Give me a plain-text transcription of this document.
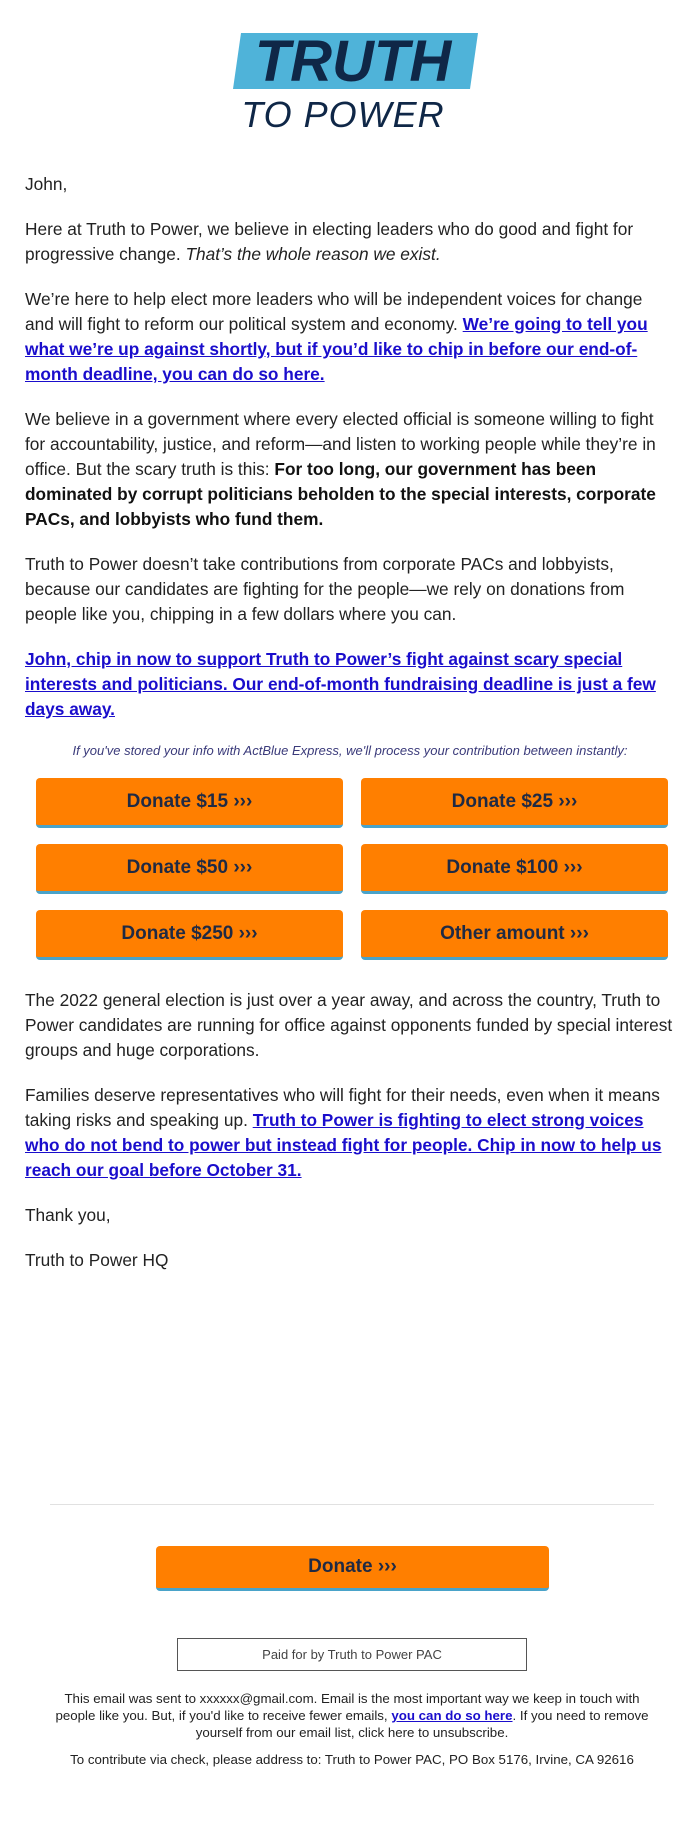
TRUTH
TO POWER

John,

Here at Truth to Power, we believe in electing leaders who do good and fight for progressive change. That’s the whole reason we exist.

We’re here to help elect more leaders who will be independent voices for change and will fight to reform our political system and economy. We’re going to tell you what we’re up against shortly, but if you’d like to chip in before our end-of-month deadline, you can do so here.

We believe in a government where every elected official is someone willing to fight for accountability, justice, and reform—and listen to working people while they’re in office. But the scary truth is this: For too long, our government has been dominated by corrupt politicians beholden to the special interests, corporate PACs, and lobbyists who fund them.

Truth to Power doesn’t take contributions from corporate PACs and lobbyists, because our candidates are fighting for the people—we rely on donations from people like you, chipping in a few dollars where you can.

John, chip in now to support Truth to Power’s fight against scary special interests and politicians. Our end-of-month fundraising deadline is just a few days away.

If you've stored your info with ActBlue Express, we'll process your contribution between instantly:
Donate $15 ›››	Donate $25 ›››
Donate $50 ›››	Donate $100 ›››
Donate $250 ›››	Other amount ›››

The 2022 general election is just over a year away, and across the country, Truth to Power candidates are running for office against opponents funded by special interest groups and huge corporations.

Families deserve representatives who will fight for their needs, even when it means taking risks and speaking up. Truth to Power is fighting to elect strong voices who do not bend to power but instead fight for people. Chip in now to help us reach our goal before October 31.

Thank you,

Truth to Power HQ

Donate ›››
Paid for by Truth to Power PAC
This email was sent to xxxxxx@gmail.com. Email is the most important way we keep in touch with people like you. But, if you'd like to receive fewer emails, you can do so here. If you need to remove yourself from our email list, click here to unsubscribe.
To contribute via check, please address to: Truth to Power PAC, PO Box 5176, Irvine, CA 92616
